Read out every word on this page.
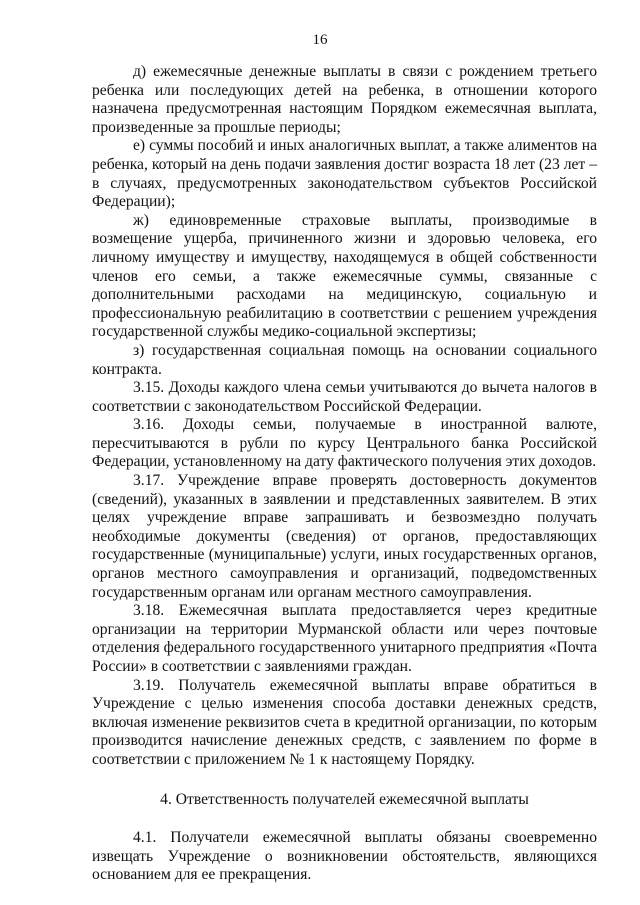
16

д) ежемесячные денежные выплаты в связи с рождением третьего ребенка или последующих детей на ребенка, в отношении которого назначена предусмотренная настоящим Порядком ежемесячная выплата, произведенные за прошлые периоды;

е) суммы пособий и иных аналогичных выплат, а также алиментов на ребенка, который на день подачи заявления достиг возраста 18 лет (23 лет – в случаях, предусмотренных законодательством субъектов Российской Федерации);

ж) единовременные страховые выплаты, производимые в возмещение ущерба, причиненного жизни и здоровью человека, его личному имуществу и имуществу, находящемуся в общей собственности членов его семьи, а также ежемесячные суммы, связанные с дополнительными расходами на медицинскую, социальную и профессиональную реабилитацию в соответствии с решением учреждения государственной службы медико-социальной экспертизы;

з) государственная социальная помощь на основании социального контракта.

3.15. Доходы каждого члена семьи учитываются до вычета налогов в соответствии с законодательством Российской Федерации.

3.16. Доходы семьи, получаемые в иностранной валюте, пересчитываются в рубли по курсу Центрального банка Российской Федерации, установленному на дату фактического получения этих доходов.

3.17. Учреждение вправе проверять достоверность документов (сведений), указанных в заявлении и представленных заявителем. В этих целях учреждение вправе запрашивать и безвозмездно получать необходимые документы (сведения) от органов, предоставляющих государственные (муниципальные) услуги, иных государственных органов, органов местного самоуправления и организаций, подведомственных государственным органам или органам местного самоуправления.

3.18. Ежемесячная выплата предоставляется через кредитные организации на территории Мурманской области или через почтовые отделения федерального государственного унитарного предприятия «Почта России» в соответствии с заявлениями граждан.

3.19. Получатель ежемесячной выплаты вправе обратиться в Учреждение с целью изменения способа доставки денежных средств, включая изменение реквизитов счета в кредитной организации, по которым производится начисление денежных средств, с заявлением по форме в соответствии с приложением № 1 к настоящему Порядку.

4. Ответственность получателей ежемесячной выплаты

4.1. Получатели ежемесячной выплаты обязаны своевременно извещать Учреждение о возникновении обстоятельств, являющихся основанием для ее прекращения.
